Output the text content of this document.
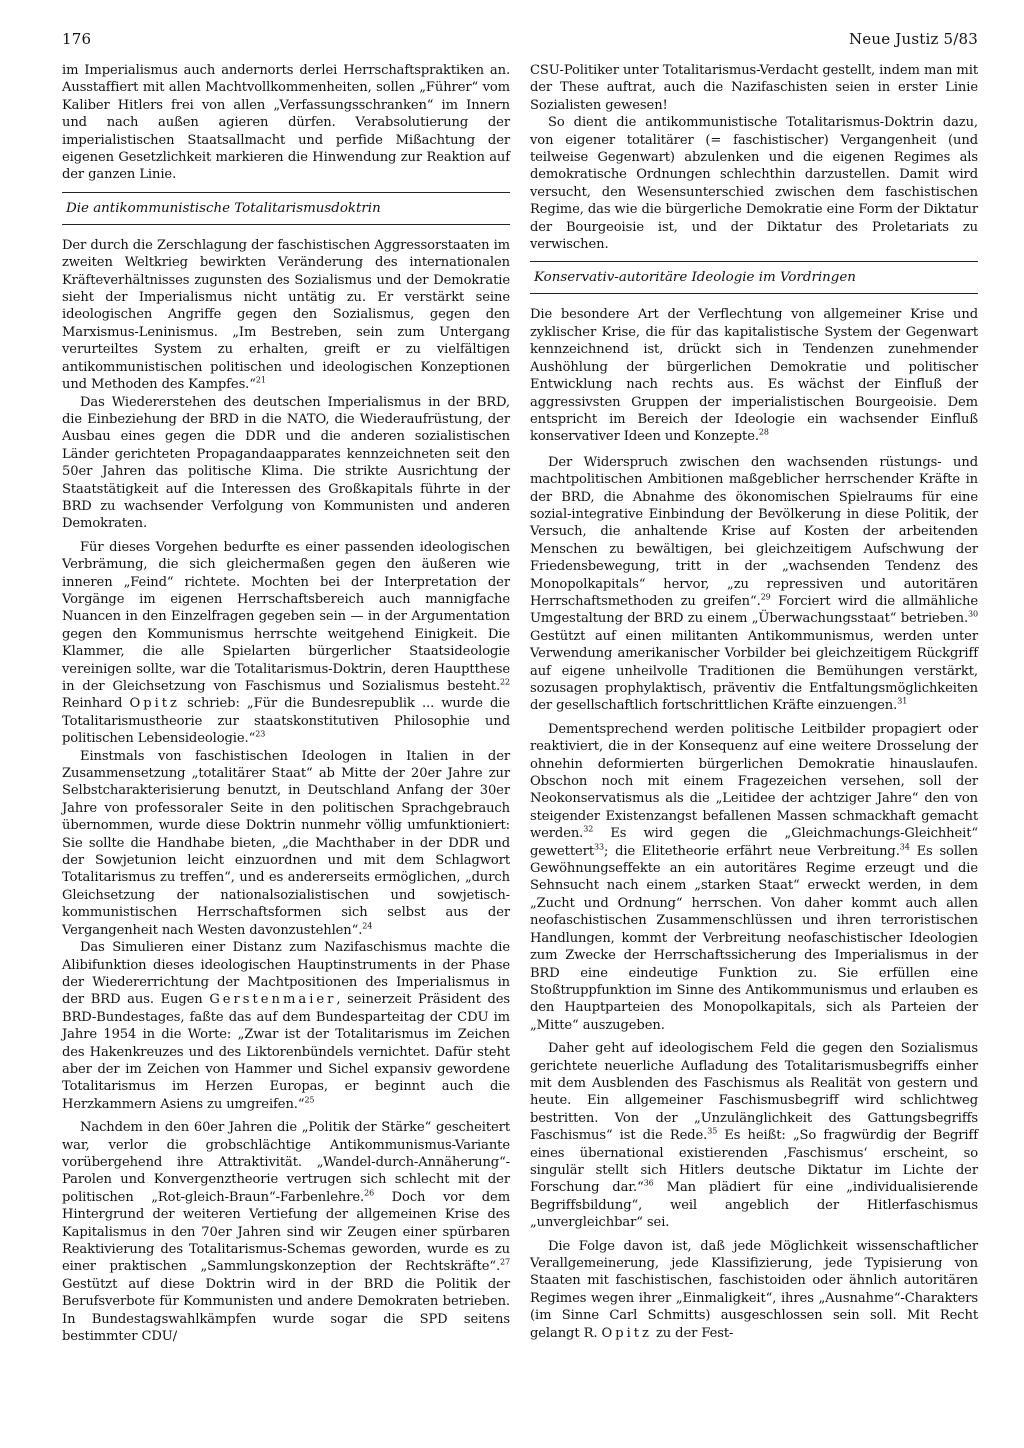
176	Neue Justiz 5/83

im Imperialismus auch andernorts derlei Herrschaftspraktiken an. Ausstaffiert mit allen Machtvollkommenheiten, sollen „Führer“ vom Kaliber Hitlers frei von allen „Verfassungsschranken“ im Innern und nach außen agieren dürfen. Verabsolutierung der imperialistischen Staatsallmacht und perfide Mißachtung der eigenen Gesetzlichkeit markieren die Hinwendung zur Reaktion auf der ganzen Linie.

Die antikommunistische Totalitarismusdoktrin

Der durch die Zerschlagung der faschistischen Aggressorstaaten im zweiten Weltkrieg bewirkten Veränderung des internationalen Kräfteverhältnisses zugunsten des Sozialismus und der Demokratie sieht der Imperialismus nicht untätig zu. Er verstärkt seine ideologischen Angriffe gegen den Sozialismus, gegen den Marxismus-Leninismus. „Im Bestreben, sein zum Untergang verurteiltes System zu erhalten, greift er zu vielfältigen antikommunistischen politischen und ideologischen Konzeptionen und Methoden des Kampfes.“$^{21}$

Das Wiedererstehen des deutschen Imperialismus in der BRD, die Einbeziehung der BRD in die NATO, die Wiederaufrüstung, der Ausbau eines gegen die DDR und die anderen sozialistischen Länder gerichteten Propagandaapparates kennzeichneten seit den 50er Jahren das politische Klima. Die strikte Ausrichtung der Staatstätigkeit auf die Interessen des Großkapitals führte in der BRD zu wachsender Verfolgung von Kommunisten und anderen Demokraten.

Für dieses Vorgehen bedurfte es einer passenden ideologischen Verbrämung, die sich gleichermaßen gegen den äußeren wie inneren „Feind“ richtete. Mochten bei der Interpretation der Vorgänge im eigenen Herrschaftsbereich auch mannigfache Nuancen in den Einzelfragen gegeben sein — in der Argumentation gegen den Kommunismus herrschte weitgehend Einigkeit. Die Klammer, die alle Spielarten bürgerlicher Staatsideologie vereinigen sollte, war die Totalitarismus-Doktrin, deren Hauptthese in der Gleichsetzung von Faschismus und Sozialismus besteht.$^{22}$ Reinhard Opitz schrieb: „Für die Bundesrepublik ... wurde die Totalitarismustheorie zur staatskonstitutiven Philosophie und politischen Lebensideologie.“$^{23}$

Einstmals von faschistischen Ideologen in Italien in der Zusammensetzung „totalitärer Staat“ ab Mitte der 20er Jahre zur Selbstcharakterisierung benutzt, in Deutschland Anfang der 30er Jahre von professoraler Seite in den politischen Sprachgebrauch übernommen, wurde diese Doktrin nunmehr völlig umfunktioniert: Sie sollte die Handhabe bieten, „die Machthaber in der DDR und der Sowjetunion leicht einzuordnen und mit dem Schlagwort Totalitarismus zu treffen“, und es andererseits ermöglichen, „durch Gleichsetzung der nationalsozialistischen und sowjetisch-kommunistischen Herrschaftsformen sich selbst aus der Vergangenheit nach Westen davonzustehlen“.$^{24}$

Das Simulieren einer Distanz zum Nazifaschismus machte die Alibifunktion dieses ideologischen Hauptinstruments in der Phase der Wiedererrichtung der Machtpositionen des Imperialismus in der BRD aus. Eugen Gerstenmaier, seinerzeit Präsident des BRD-Bundestages, faßte das auf dem Bundesparteitag der CDU im Jahre 1954 in die Worte: „Zwar ist der Totalitarismus im Zeichen des Hakenkreuzes und des Liktorenbündels vernichtet. Dafür steht aber der im Zeichen von Hammer und Sichel expansiv gewordene Totalitarismus im Herzen Europas, er beginnt auch die Herzkammern Asiens zu umgreifen.“$^{25}$

Nachdem in den 60er Jahren die „Politik der Stärke“ gescheitert war, verlor die grobschlächtige Antikommunismus-Variante vorübergehend ihre Attraktivität. „Wandel-durch-Annäherung“-Parolen und Konvergenztheorie vertrugen sich schlecht mit der politischen „Rot-gleich-Braun“-Farbenlehre.$^{26}$ Doch vor dem Hintergrund der weiteren Vertiefung der allgemeinen Krise des Kapitalismus in den 70er Jahren sind wir Zeugen einer spürbaren Reaktivierung des Totalitarismus-Schemas geworden, wurde es zu einer praktischen „Sammlungskonzeption der Rechtskräfte“.$^{27}$ Gestützt auf diese Doktrin wird in der BRD die Politik der Berufsverbote für Kommunisten und andere Demokraten betrieben. In Bundestagswahlkämpfen wurde sogar die SPD seitens bestimmter CDU/

CSU-Politiker unter Totalitarismus-Verdacht gestellt, indem man mit der These auftrat, auch die Nazifaschisten seien in erster Linie Sozialisten gewesen!

So dient die antikommunistische Totalitarismus-Doktrin dazu, von eigener totalitärer (= faschistischer) Vergangenheit (und teilweise Gegenwart) abzulenken und die eigenen Regimes als demokratische Ordnungen schlechthin darzustellen. Damit wird versucht, den Wesensunterschied zwischen dem faschistischen Regime, das wie die bürgerliche Demokratie eine Form der Diktatur der Bourgeoisie ist, und der Diktatur des Proletariats zu verwischen.

Konservativ-autoritäre Ideologie im Vordringen

Die besondere Art der Verflechtung von allgemeiner Krise und zyklischer Krise, die für das kapitalistische System der Gegenwart kennzeichnend ist, drückt sich in Tendenzen zunehmender Aushöhlung der bürgerlichen Demokratie und politischer Entwicklung nach rechts aus. Es wächst der Einfluß der aggressivsten Gruppen der imperialistischen Bourgeoisie. Dem entspricht im Bereich der Ideologie ein wachsender Einfluß konservativer Ideen und Konzepte.$^{28}$

Der Widerspruch zwischen den wachsenden rüstungs- und machtpolitischen Ambitionen maßgeblicher herrschender Kräfte in der BRD, die Abnahme des ökonomischen Spielraums für eine sozial-integrative Einbindung der Bevölkerung in diese Politik, der Versuch, die anhaltende Krise auf Kosten der arbeitenden Menschen zu bewältigen, bei gleichzeitigem Aufschwung der Friedensbewegung, tritt in der „wachsenden Tendenz des Monopolkapitals“ hervor, „zu repressiven und autoritären Herrschaftsmethoden zu greifen“.$^{29}$ Forciert wird die allmähliche Umgestaltung der BRD zu einem „Überwachungsstaat“ betrieben.$^{30}$ Gestützt auf einen militanten Antikommunismus, werden unter Verwendung amerikanischer Vorbilder bei gleichzeitigem Rückgriff auf eigene unheilvolle Traditionen die Bemühungen verstärkt, sozusagen prophylaktisch, präventiv die Entfaltungsmöglichkeiten der gesellschaftlich fortschrittlichen Kräfte einzuengen.$^{31}$

Dementsprechend werden politische Leitbilder propagiert oder reaktiviert, die in der Konsequenz auf eine weitere Drosselung der ohnehin deformierten bürgerlichen Demokratie hinauslaufen. Obschon noch mit einem Fragezeichen versehen, soll der Neokonservatismus als die „Leitidee der achtziger Jahre“ den von steigender Existenzangst befallenen Massen schmackhaft gemacht werden.$^{32}$ Es wird gegen die „Gleichmachungs-Gleichheit“ gewettert$^{33}$; die Elitetheorie erfährt neue Verbreitung.$^{34}$ Es sollen Gewöhnungseffekte an ein autoritäres Regime erzeugt und die Sehnsucht nach einem „starken Staat“ erweckt werden, in dem „Zucht und Ordnung“ herrschen. Von daher kommt auch allen neofaschistischen Zusammenschlüssen und ihren terroristischen Handlungen, kommt der Verbreitung neofaschistischer Ideologien zum Zwecke der Herrschaftssicherung des Imperialismus in der BRD eine eindeutige Funktion zu. Sie erfüllen eine Stoßtruppfunktion im Sinne des Antikommunismus und erlauben es den Hauptparteien des Monopolkapitals, sich als Parteien der „Mitte“ auszugeben.

Daher geht auf ideologischem Feld die gegen den Sozialismus gerichtete neuerliche Aufladung des Totalitarismusbegriffs einher mit dem Ausblenden des Faschismus als Realität von gestern und heute. Ein allgemeiner Faschismusbegriff wird schlichtweg bestritten. Von der „Unzulänglichkeit des Gattungsbegriffs Faschismus“ ist die Rede.$^{35}$ Es heißt: „So fragwürdig der Begriff eines übernational existierenden ‚Faschismus‘ erscheint, so singulär stellt sich Hitlers deutsche Diktatur im Lichte der Forschung dar.“$^{36}$ Man plädiert für eine „individualisierende Begriffsbildung“, weil angeblich der Hitlerfaschismus „unvergleichbar“ sei.

Die Folge davon ist, daß jede Möglichkeit wissenschaftlicher Verallgemeinerung, jede Klassifizierung, jede Typisierung von Staaten mit faschistischen, faschistoiden oder ähnlich autoritären Regimes wegen ihrer „Einmaligkeit“, ihres „Ausnahme“-Charakters (im Sinne Carl Schmitts) ausgeschlossen sein soll. Mit Recht gelangt R. Opitz zu der Fest-
